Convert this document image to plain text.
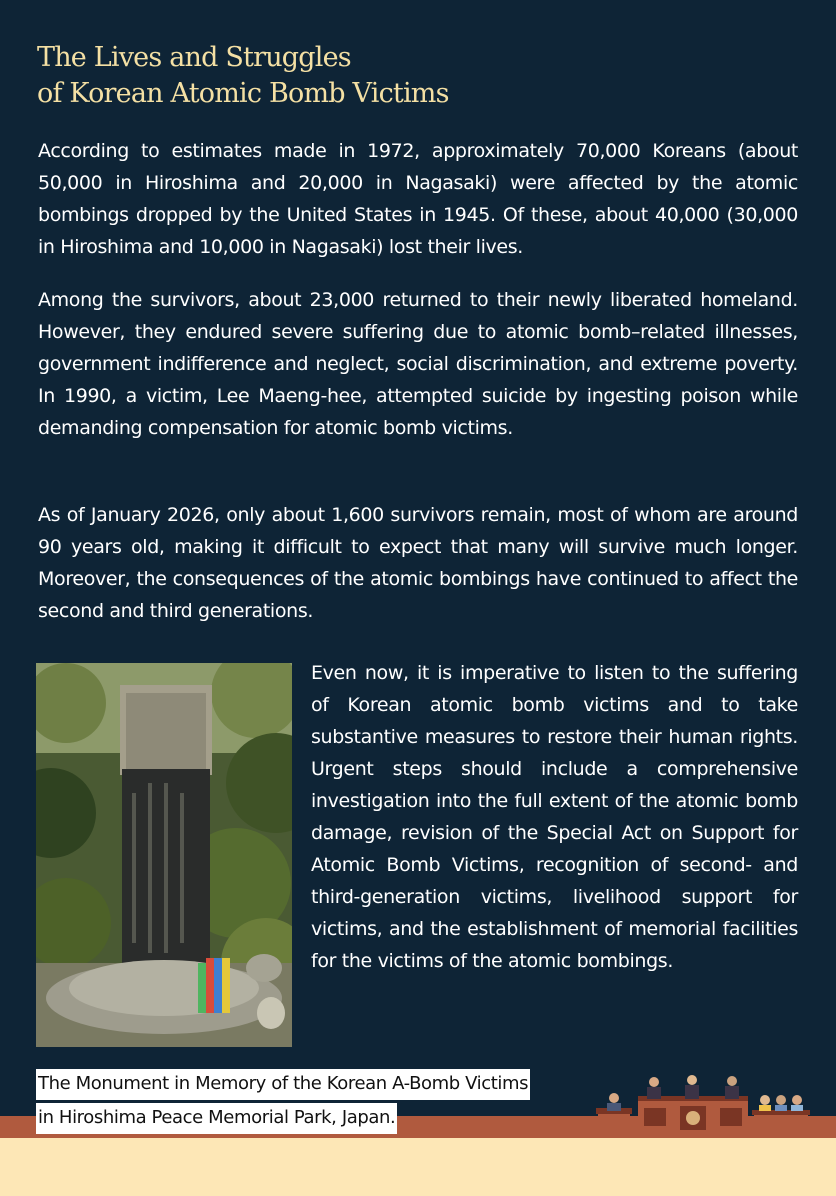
The Lives and Struggles
of Korean Atomic Bomb Victims

According to estimates made in 1972, approximately 70,000 Koreans (about 50,000 in Hiroshima and 20,000 in Nagasaki) were affected by the atomic bombings dropped by the United States in 1945. Of these, about 40,000 (30,000 in Hiroshima and 10,000 in Nagasaki) lost their lives.

Among the survivors, about 23,000 returned to their newly liberated homeland. However, they endured severe suffering due to atomic bomb–related illnesses, government indifference and neglect, social discrimination, and extreme poverty. In 1990, a victim, Lee Maeng-hee, attempted suicide by ingesting poison while demanding compensation for atomic bomb victims.

As of January 2026, only about 1,600 survivors remain, most of whom are around 90 years old, making it difficult to expect that many will survive much longer. Moreover, the consequences of the atomic bombings have continued to affect the second and third generations.

Even now, it is imperative to listen to the suffering of Korean atomic bomb victims and to take substantive measures to restore their human rights. Urgent steps should include a comprehensive investigation into the full extent of the atomic bomb damage, revision of the Special Act on Support for Atomic Bomb Victims, recognition of second- and third-generation victims, livelihood support for victims, and the establishment of memorial facilities for the victims of the atomic bombings.

The Monument in Memory of the Korean A-Bomb Victims
in Hiroshima Peace Memorial Park, Japan.
